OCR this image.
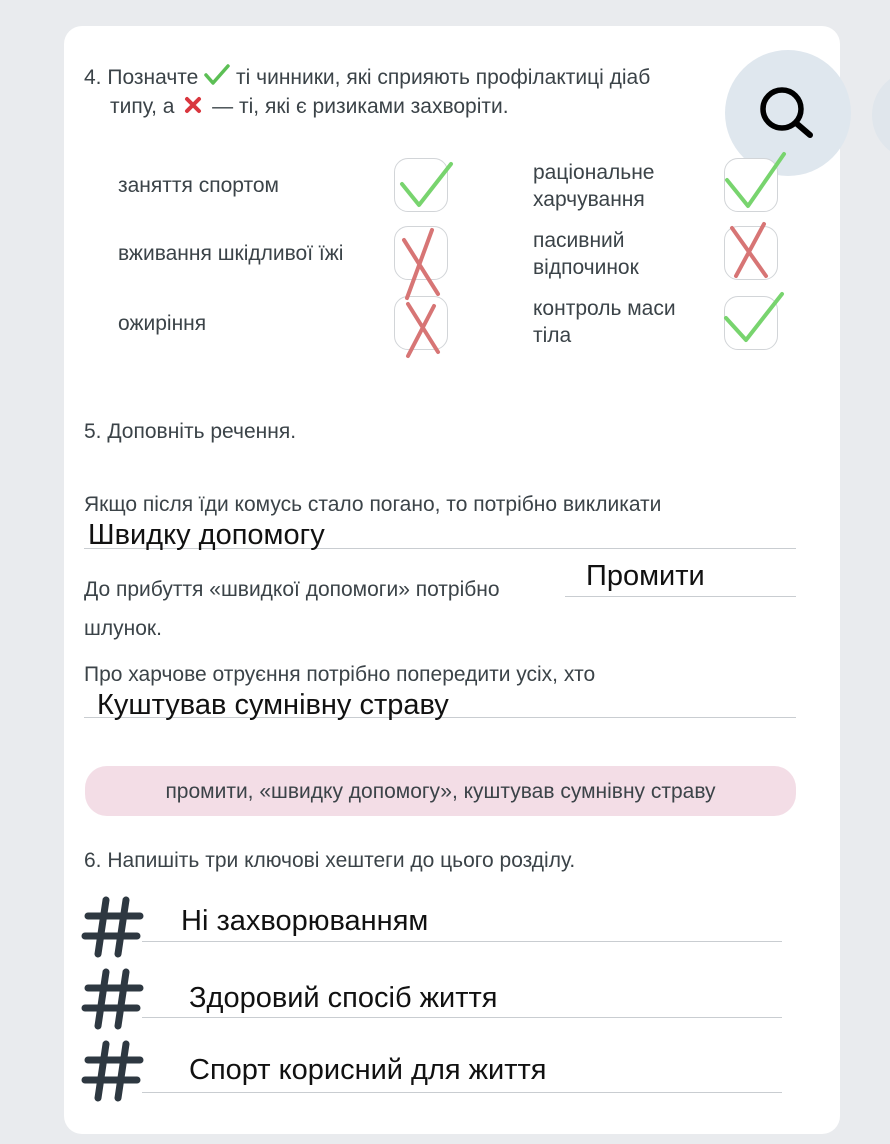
4. Позначте ті чинники, які сприяють профілактиці діаб
типу, а — ті, які є ризиками захворіти.
заняття спортом
вживання шкідливої їжі
ожиріння
раціональне
харчування
пасивний
відпочинок
контроль маси
тіла
5. Доповніть речення.
Якщо після їди комусь стало погано, то потрібно викликати
Швидку допомогу
До прибуття «швидкої допомоги» потрібно	Промити
шлунок.
Про харчове отруєння потрібно попередити усіх, хто
Куштував сумнівну страву
промити, «швидку допомогу», куштував сумнівну страву
6. Напишіть три ключові хештеги до цього розділу.
Ні захворюванням
Здоровий спосіб життя
Спорт корисний для життя
